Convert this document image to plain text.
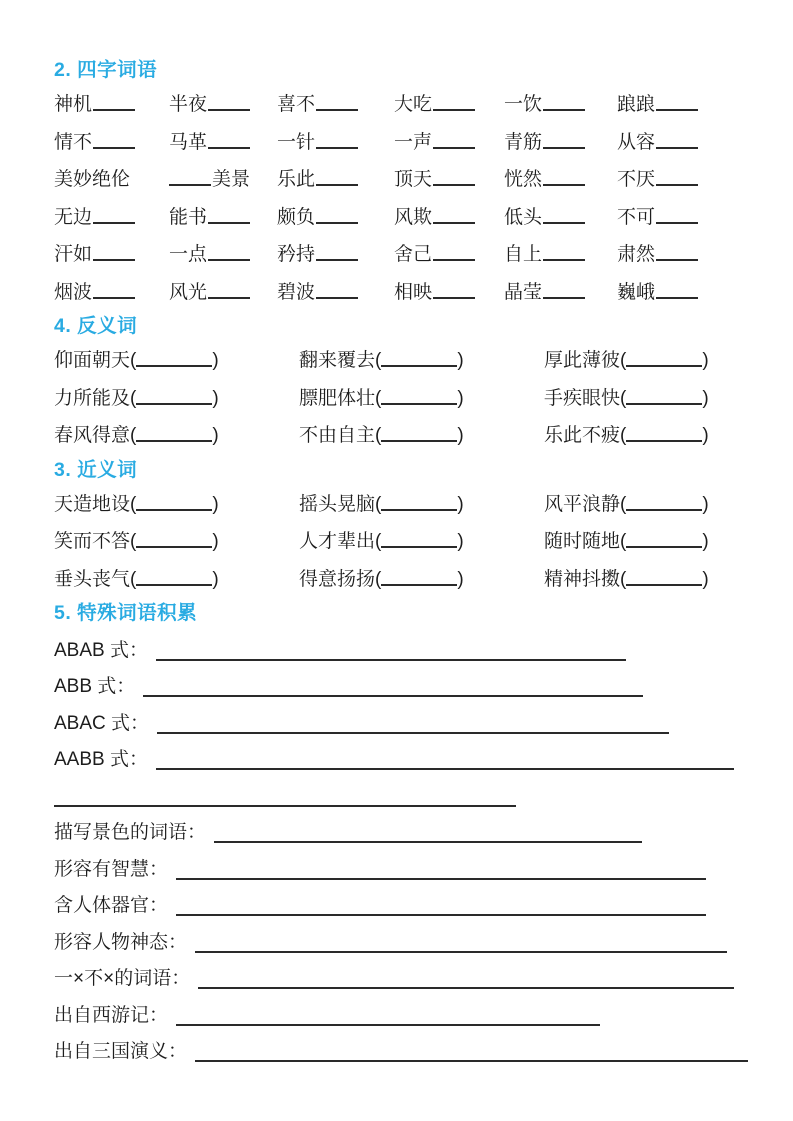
2. 四字词语
神机	半夜	喜不	大吃	一饮	踉踉
情不	马革	一针	一声	青筋	从容
美妙绝伦	美景	乐此	顶天	恍然	不厌
无边	能书	颇负	风欺	低头	不可
汗如	一点	矜持	舍己	自上	肃然
烟波	风光	碧波	相映	晶莹	巍峨
4. 反义词
仰面朝天(	)	翻来覆去(	)	厚此薄彼(	)
力所能及(	)	膘肥体壮(	)	手疾眼快(	)
春风得意(	)	不由自主(	)	乐此不疲(	)
3. 近义词
天造地设(	)	摇头晃脑(	)	风平浪静(	)
笑而不答(	)	人才辈出(	)	随时随地(	)
垂头丧气(	)	得意扬扬(	)	精神抖擞(	)
5. 特殊词语积累
ABAB 式：
ABB 式：
ABAC 式：
AABB 式：
描写景色的词语：
形容有智慧：
含人体器官：
形容人物神态：
一×不×的词语：
出自西游记：
出自三国演义：
